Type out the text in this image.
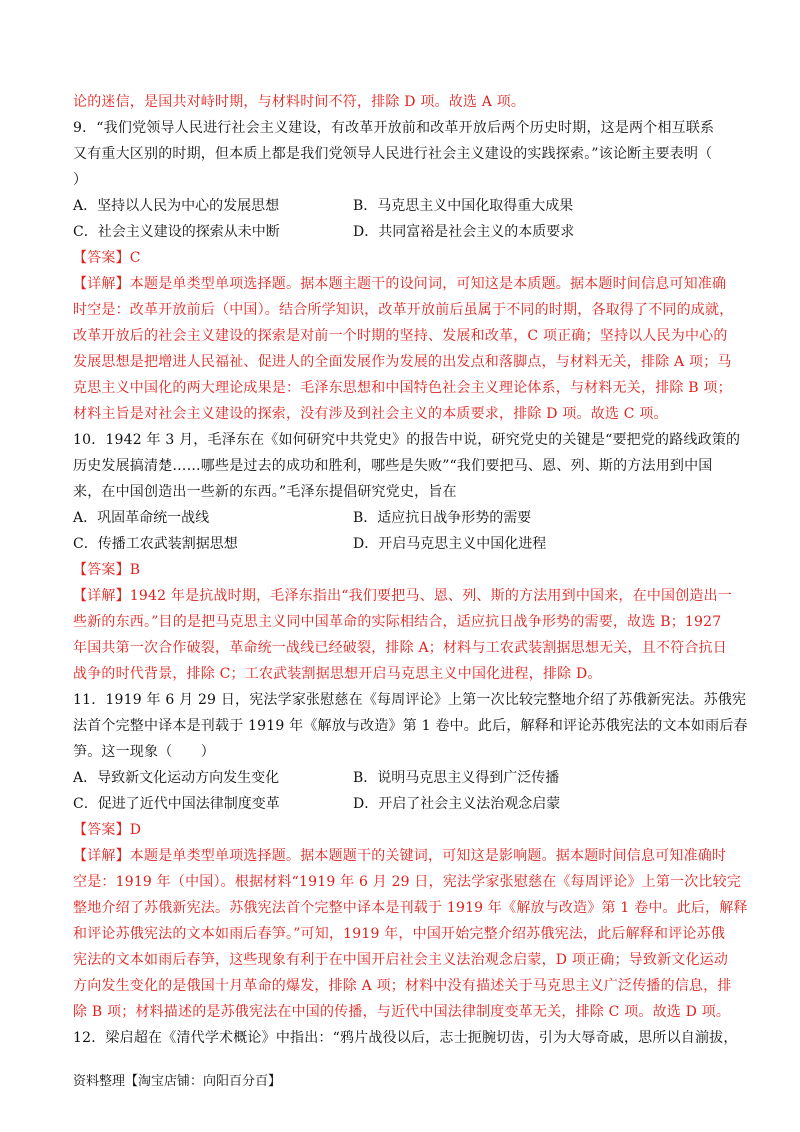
论的迷信，是国共对峙时期，与材料时间不符，排除 D 项。故选 A 项。
9．“我们党领导人民进行社会主义建设，有改革开放前和改革开放后两个历史时期，这是两个相互联系
又有重大区别的时期，但本质上都是我们党领导人民进行社会主义建设的实践探索。”该论断主要表明（
）
A．坚持以人民为中心的发展思想	B．马克思主义中国化取得重大成果
C．社会主义建设的探索从未中断	D．共同富裕是社会主义的本质要求
【答案】C
【详解】本题是单类型单项选择题。据本题主题干的设问词，可知这是本质题。据本题时间信息可知准确
时空是：改革开放前后（中国）。结合所学知识，改革开放前后虽属于不同的时期，各取得了不同的成就，
改革开放后的社会主义建设的探索是对前一个时期的坚持、发展和改革，C 项正确；坚持以人民为中心的
发展思想是把增进人民福祉、促进人的全面发展作为发展的出发点和落脚点，与材料无关，排除 A 项；马
克思主义中国化的两大理论成果是：毛泽东思想和中国特色社会主义理论体系，与材料无关，排除 B 项；
材料主旨是对社会主义建设的探索，没有涉及到社会主义的本质要求，排除 D 项。故选 C 项。
10．1942 年 3 月，毛泽东在《如何研究中共党史》的报告中说，研究党史的关键是“要把党的路线政策的
历史发展搞清楚……哪些是过去的成功和胜利，哪些是失败”“我们要把马、恩、列、斯的方法用到中国
来，在中国创造出一些新的东西。”毛泽东提倡研究党史，旨在
A．巩固革命统一战线	B．适应抗日战争形势的需要
C．传播工农武装割据思想	D．开启马克思主义中国化进程
【答案】B
【详解】1942 年是抗战时期，毛泽东指出“我们要把马、恩、列、斯的方法用到中国来，在中国创造出一
些新的东西。”目的是把马克思主义同中国革命的实际相结合，适应抗日战争形势的需要，故选 B；1927
年国共第一次合作破裂，革命统一战线已经破裂，排除 A；材料与工农武装割据思想无关，且不符合抗日
战争的时代背景，排除 C；工农武装割据思想开启马克思主义中国化进程，排除 D。
11．1919 年 6 月 29 日，宪法学家张慰慈在《每周评论》上第一次比较完整地介绍了苏俄新宪法。苏俄宪
法首个完整中译本是刊载于 1919 年《解放与改造》第 1 卷中。此后，解释和评论苏俄宪法的文本如雨后春
笋。这一现象（　　）
A．导致新文化运动方向发生变化	B．说明马克思主义得到广泛传播
C．促进了近代中国法律制度变革	D．开启了社会主义法治观念启蒙
【答案】D
【详解】本题是单类型单项选择题。据本题题干的关键词，可知这是影响题。据本题时间信息可知准确时
空是：1919 年（中国）。根据材料“1919 年 6 月 29 日，宪法学家张慰慈在《每周评论》上第一次比较完
整地介绍了苏俄新宪法。苏俄宪法首个完整中译本是刊载于 1919 年《解放与改造》第 1 卷中。此后，解释
和评论苏俄宪法的文本如雨后春笋。”可知，1919 年，中国开始完整介绍苏俄宪法，此后解释和评论苏俄
宪法的文本如雨后春笋，这些现象有利于在中国开启社会主义法治观念启蒙，D 项正确；导致新文化运动
方向发生变化的是俄国十月革命的爆发，排除 A 项；材料中没有描述关于马克思主义广泛传播的信息，排
除 B 项；材料描述的是苏俄宪法在中国的传播，与近代中国法律制度变革无关，排除 C 项。故选 D 项。
12．梁启超在《清代学术概论》中指出：“鸦片战役以后，志士扼腕切齿，引为大辱奇戚，思所以自湔拔，
资料整理【淘宝店铺：向阳百分百】
